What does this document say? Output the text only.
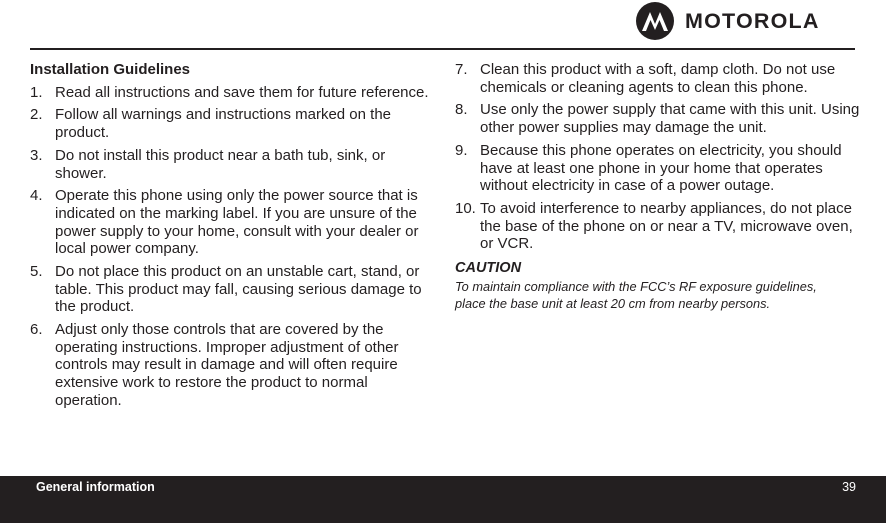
MOTOROLA
Installation Guidelines
1. Read all instructions and save them for future reference.
2. Follow all warnings and instructions marked on the product.
3. Do not install this product near a bath tub, sink, or shower.
4. Operate this phone using only the power source that is indicated on the marking label. If you are unsure of the power supply to your home, consult with your dealer or local power company.
5. Do not place this product on an unstable cart, stand, or table. This product may fall, causing serious damage to the product.
6. Adjust only those controls that are covered by the operating instructions. Improper adjustment of other controls may result in damage and will often require extensive work to restore the product to normal operation.
7. Clean this product with a soft, damp cloth. Do not use chemicals or cleaning agents to clean this phone.
8. Use only the power supply that came with this unit. Using other power supplies may damage the unit.
9. Because this phone operates on electricity, you should have at least one phone in your home that operates without electricity in case of a power outage.
10. To avoid interference to nearby appliances, do not place the base of the phone on or near a TV, microwave oven, or VCR.
CAUTION
To maintain compliance with the FCC’s RF exposure guidelines, place the base unit at least 20 cm from nearby persons.
General information	39
